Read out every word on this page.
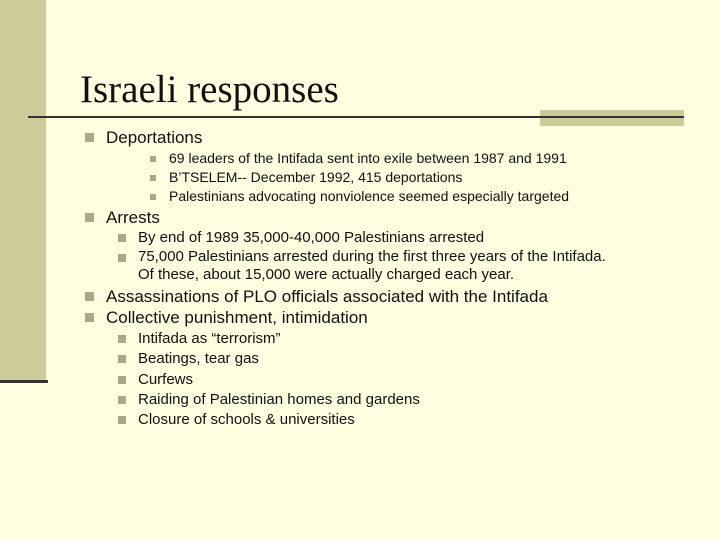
Israeli responses
Deportations
69 leaders of the Intifada sent into exile between 1987 and 1991
B’TSELEM-- December 1992, 415 deportations
Palestinians advocating nonviolence seemed especially targeted
Arrests
By end of 1989 35,000-40,000 Palestinians arrested
75,000 Palestinians arrested during the first three years of the Intifada.
Of these, about 15,000 were actually charged each year.
Assassinations of PLO officials associated with the Intifada
Collective punishment, intimidation
Intifada as “terrorism”
Beatings, tear gas
Curfews
Raiding of Palestinian homes and gardens
Closure of schools & universities
